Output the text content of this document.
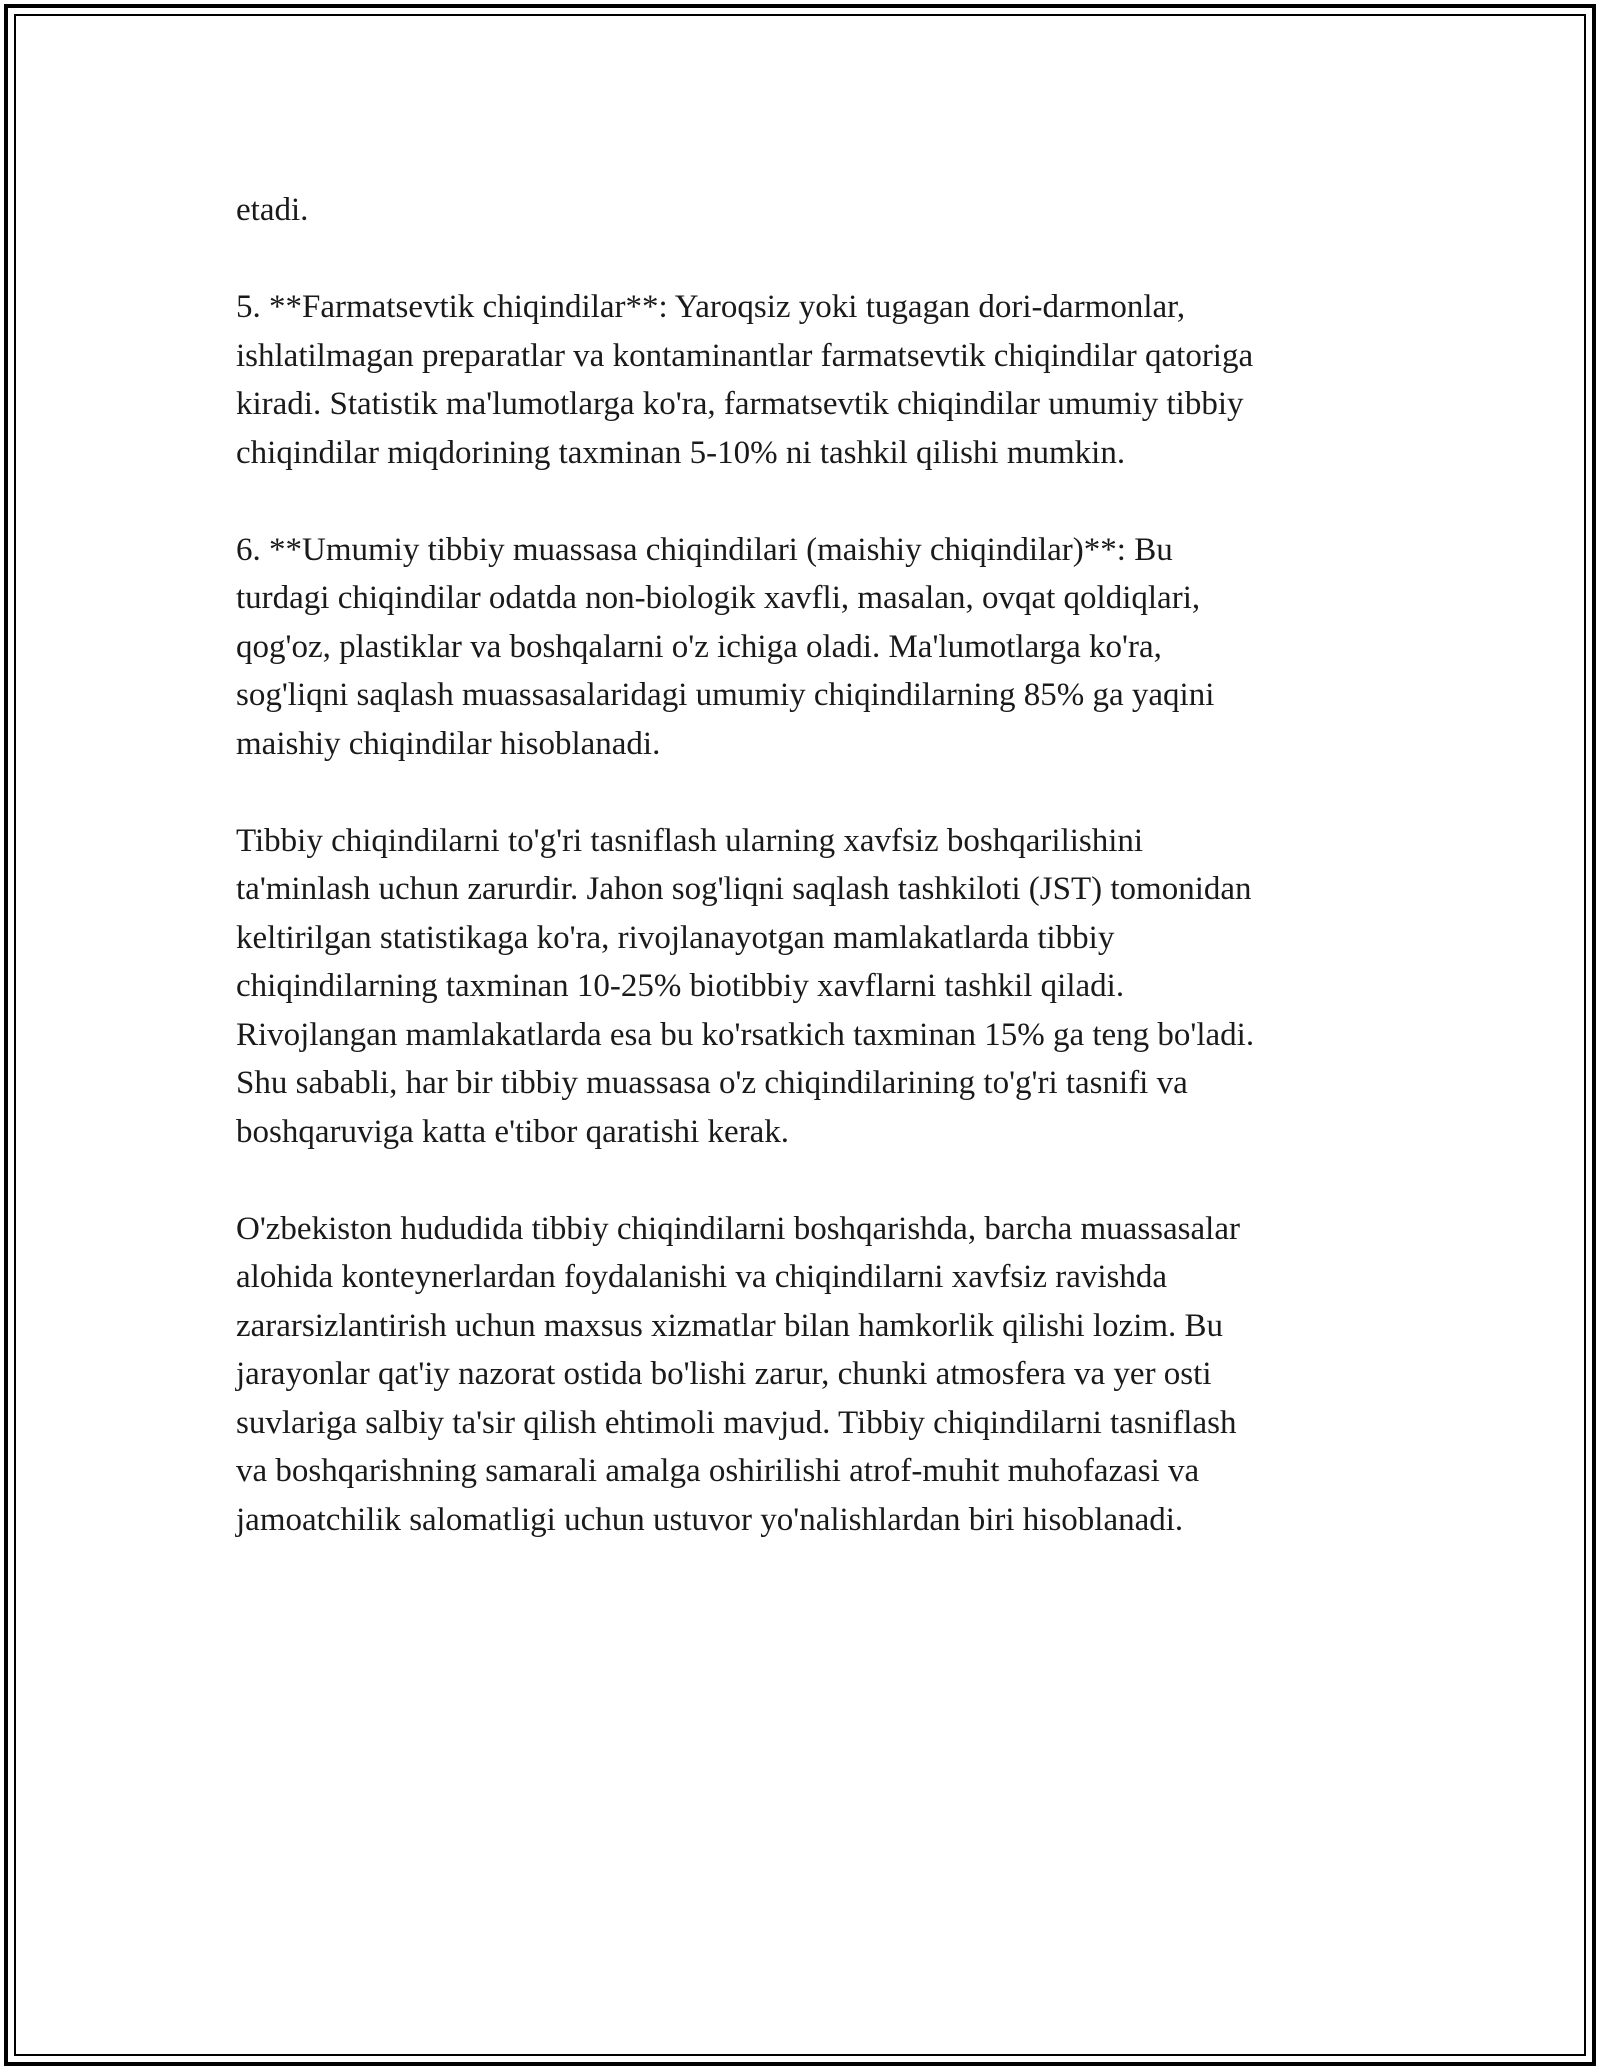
etadi.

5. **Farmatsevtik chiqindilar**: Yaroqsiz yoki tugagan dori-darmonlar,
ishlatilmagan preparatlar va kontaminantlar farmatsevtik chiqindilar qatoriga
kiradi. Statistik ma'lumotlarga ko'ra, farmatsevtik chiqindilar umumiy tibbiy
chiqindilar miqdorining taxminan 5-10% ni tashkil qilishi mumkin.

6. **Umumiy tibbiy muassasa chiqindilari (maishiy chiqindilar)**: Bu
turdagi chiqindilar odatda non-biologik xavfli, masalan, ovqat qoldiqlari,
qog'oz, plastiklar va boshqalarni o'z ichiga oladi. Ma'lumotlarga ko'ra,
sog'liqni saqlash muassasalaridagi umumiy chiqindilarning 85% ga yaqini
maishiy chiqindilar hisoblanadi.

Tibbiy chiqindilarni to'g'ri tasniflash ularning xavfsiz boshqarilishini
ta'minlash uchun zarurdir. Jahon sog'liqni saqlash tashkiloti (JST) tomonidan
keltirilgan statistikaga ko'ra, rivojlanayotgan mamlakatlarda tibbiy
chiqindilarning taxminan 10-25% biotibbiy xavflarni tashkil qiladi.
Rivojlangan mamlakatlarda esa bu ko'rsatkich taxminan 15% ga teng bo'ladi.
Shu sababli, har bir tibbiy muassasa o'z chiqindilarining to'g'ri tasnifi va
boshqaruviga katta e'tibor qaratishi kerak.

O'zbekiston hududida tibbiy chiqindilarni boshqarishda, barcha muassasalar
alohida konteynerlardan foydalanishi va chiqindilarni xavfsiz ravishda
zararsizlantirish uchun maxsus xizmatlar bilan hamkorlik qilishi lozim. Bu
jarayonlar qat'iy nazorat ostida bo'lishi zarur, chunki atmosfera va yer osti
suvlariga salbiy ta'sir qilish ehtimoli mavjud. Tibbiy chiqindilarni tasniflash
va boshqarishning samarali amalga oshirilishi atrof-muhit muhofazasi va
jamoatchilik salomatligi uchun ustuvor yo'nalishlardan biri hisoblanadi.
